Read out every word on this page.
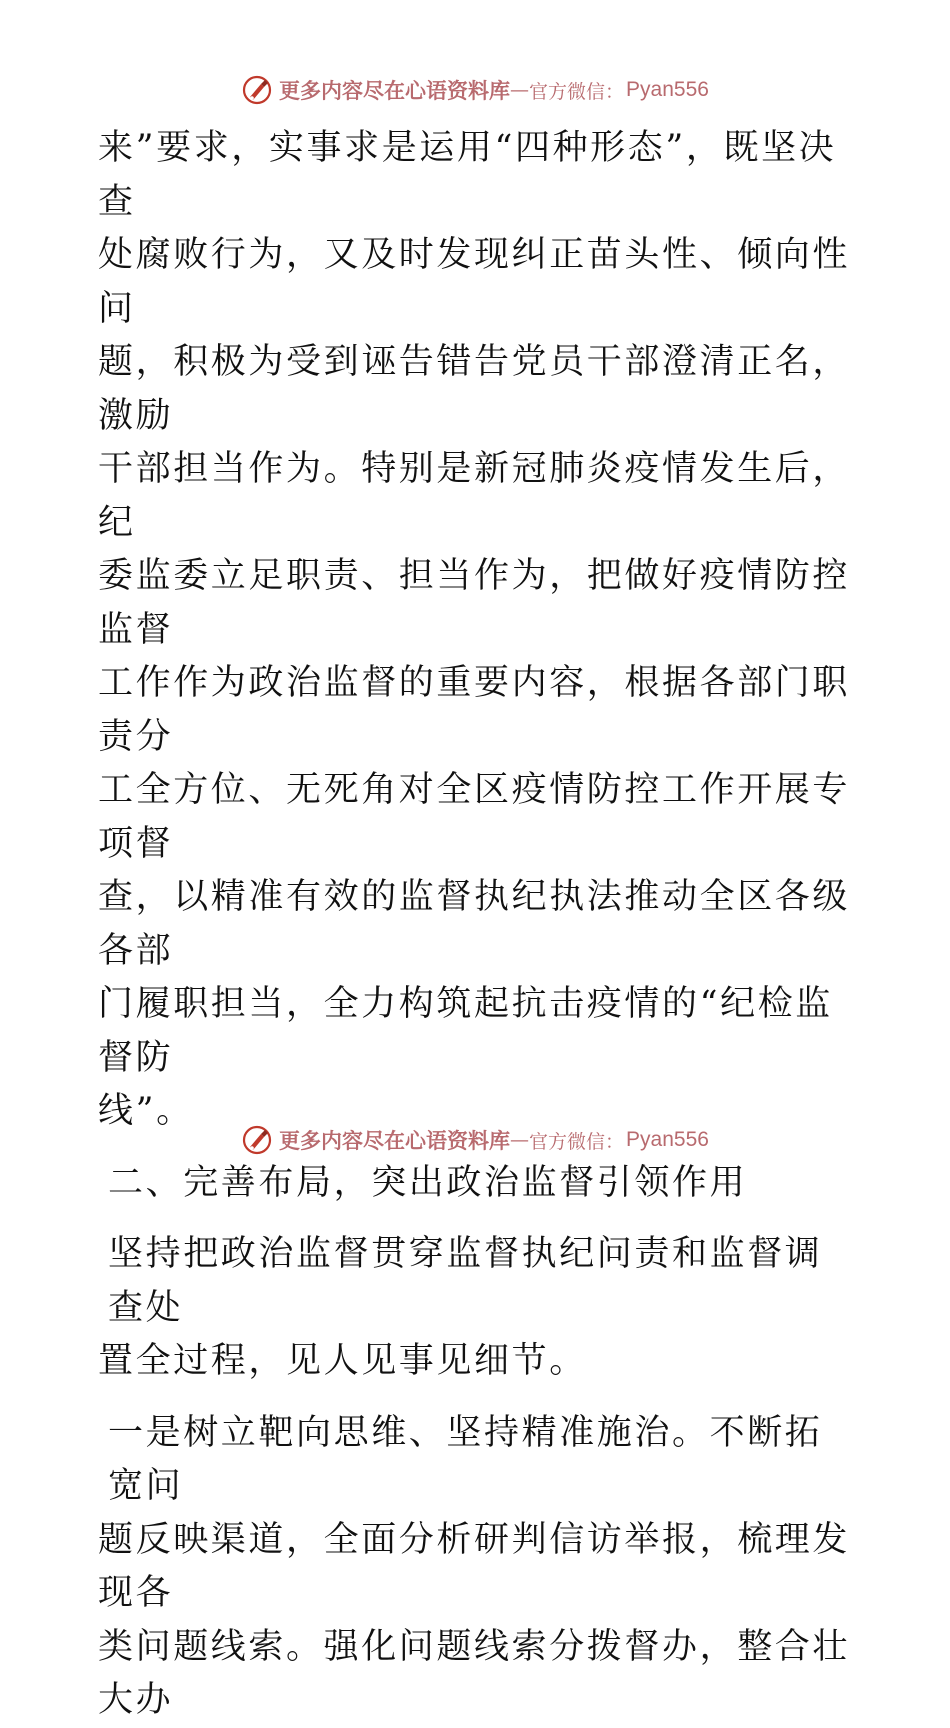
更多内容尽在心语资料库 — 官方微信： Pyan556

来”要求，实事求是运用“四种形态”，既坚决查

处腐败行为，又及时发现纠正苗头性、倾向性问

题，积极为受到诬告错告党员干部澄清正名，激励

干部担当作为。特别是新冠肺炎疫情发生后，  纪

委监委立足职责、担当作为，把做好疫情防控监督

工作作为政治监督的重要内容，根据各部门职责分

工全方位、无死角对全区疫情防控工作开展专项督

查，以精准有效的监督执纪执法推动全区各级各部

门履职担当，全力构筑起抗击疫情的“纪检监督防

线”。

二、完善布局，突出政治监督引领作用

坚持把政治监督贯穿监督执纪问责和监督调查处

置全过程，见人见事见细节。

一是树立靶向思维、坚持精准施治。不断拓宽问

题反映渠道，全面分析研判信访举报，梳理发现各

类问题线索。强化问题线索分拨督办，整合壮大办

更多内容尽在心语资料库 — 官方微信： Pyan556
